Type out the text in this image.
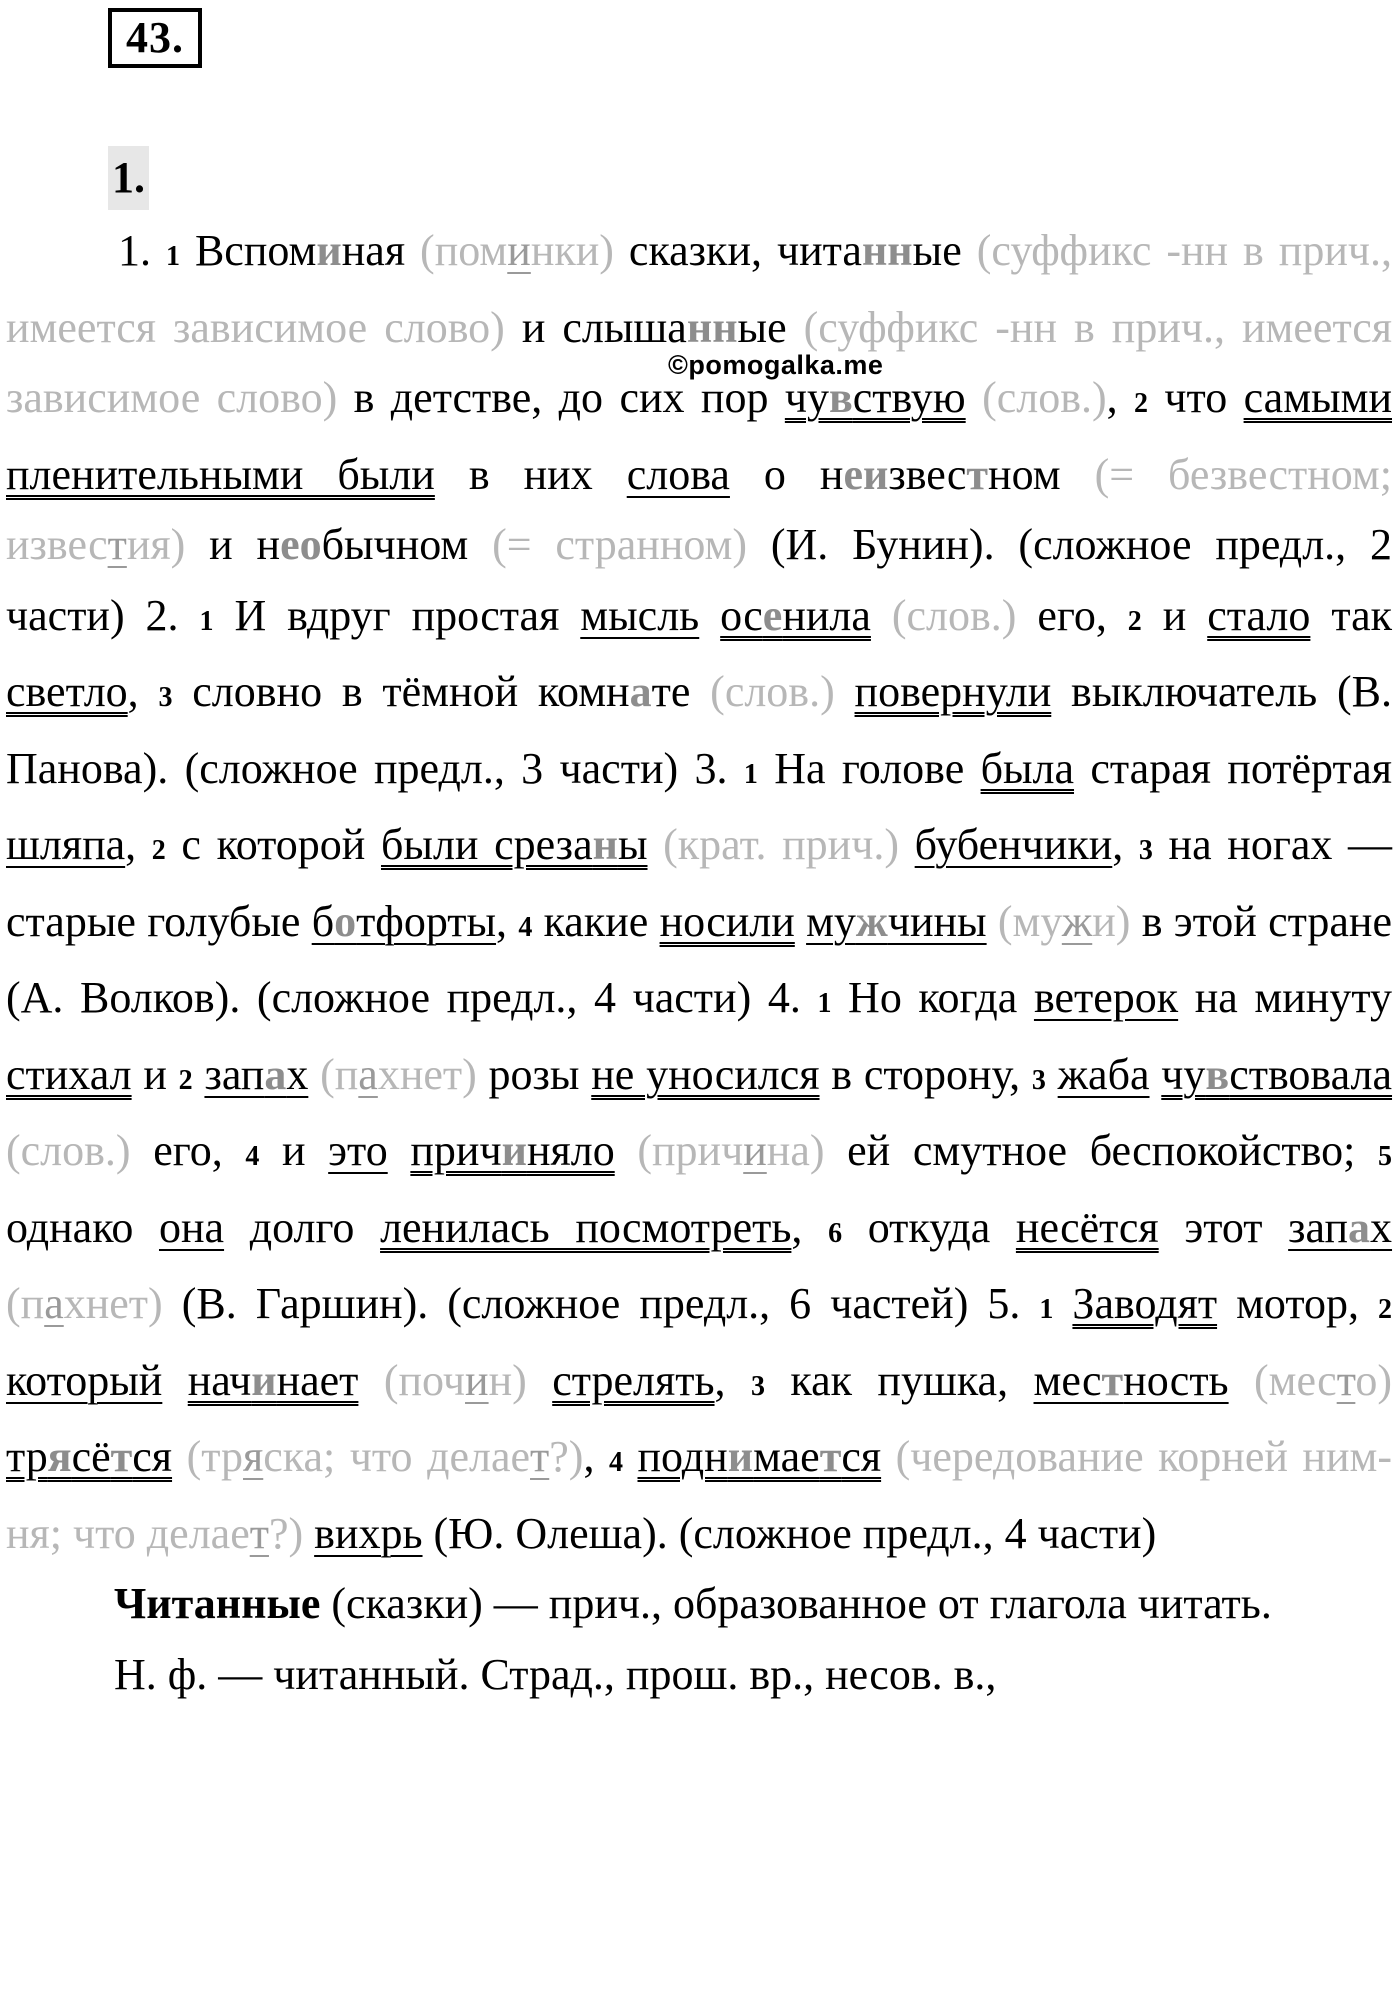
43.
1.
©pomogalka.me

1. 1 Вспоминая (поминки) сказки, читанные (суффикс -нн в прич., имеется зависимое слово) и слышанные (суффикс -нн в прич., имеется зависимое слово) в детстве, до сих пор чувствую (слов.), 2 что самыми пленительными были в них слова о неизвестном (= безвестном; известия) и необычном (= странном) (И. Бунин). (сложное предл., 2 части) 2. 1 И вдруг простая мысль осенила (слов.) его, 2 и стало так светло, 3 словно в тёмной комнате (слов.) повернули выключатель (В. Панова). (сложное предл., 3 части) 3. 1 На голове была старая потёртая шляпа, 2 с которой были срезаны (крат. прич.) бубенчики, 3 на ногах — старые голубые ботфорты, 4 какие носили мужчины (мужи) в этой стране (А. Волков). (сложное предл., 4 части) 4. 1 Но когда ветерок на минуту стихал и 2 запах (пахнет) розы не уносился в сторону, 3 жаба чувствовала (слов.) его, 4 и это причиняло (причина) ей смутное беспокойство; 5 однако она долго ленилась посмотреть, 6 откуда несётся этот запах (пахнет) (В. Гаршин). (сложное предл., 6 частей) 5. 1 Заводят мотор, 2 который начинает (почин) стрелять, 3 как пушка, местность (место) трясётся (тряска; что делает?), 4 поднимается (чередование корней ним-ня; что делает?) вихрь (Ю. Олеша). (сложное предл., 4 части)

Читанные (сказки) — прич., образованное от глагола читать.

Н. ф. — читанный. Страд., прош. вр., несов. в.,
